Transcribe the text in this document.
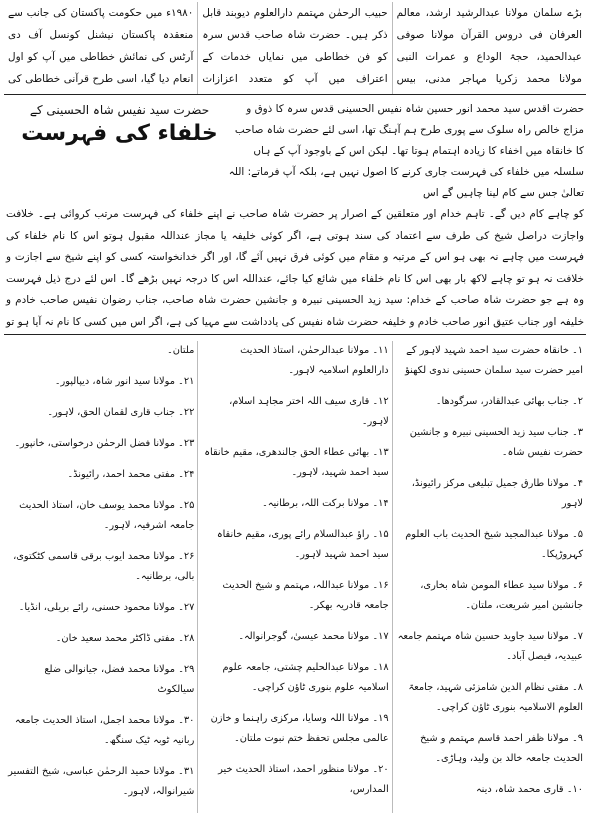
بڑے سلمان مولانا عبدالرشید ارشد، معالم العرفان فی دروس القرآن مولانا صوفی عبدالحمید، حجۃ الوداع و عمرات النبی مولانا محمد زکریا مہاجر مدنی، بیس
حبیب الرحمٰن مہتمم دارالعلوم دیوبند قابل ذکر ہیں۔ حضرت شاہ صاحب قدس سرہ کو فن خطاطی میں نمایاں خدمات کے اعتراف میں آپ کو متعدد اعزازات
۱۹۸۰ء میں حکومت پاکستان کی جانب سے منعقدہ پاکستان نیشنل کونسل آف دی آرٹس کی نمائش خطاطی میں آپ کو اول انعام دیا گیا، اسی طرح قرآنی خطاطی کی
حضرت سید نفیس شاہ الحسینی کے
خلفاء کی فہرست
حضرت اقدس سید محمد انور حسین شاہ نفیس الحسینی قدس سرہ کا ذوق و مزاج خالص راہ سلوک سے پوری طرح ہم آہنگ تھا، اسی لئے حضرت شاہ صاحب کا خانقاہ میں اخفاء کا زیادہ اہتمام ہوتا تھا۔ لیکن اس کے باوجود آپ کے ہاں سلسلہ میں خلفاء کی فہرست جاری کرنے کا اصول نہیں ہے، بلکہ آپ فرماتے: اللہ تعالیٰ جس سے کام لینا چاہیں گے اس
کو چاہے کام دیں گے۔ تاہم خدام اور متعلقین کے اصرار پر حضرت شاہ صاحب نے اپنے خلفاء کی فہرست مرتب کروائی ہے۔ خلافت واجازت دراصل شیخ کی طرف سے اعتماد کی سند ہوتی ہے، اگر کوئی خلیفہ یا مجاز عنداللہ مقبول ہوتو اس کا نام خلفاء کی فہرست میں چاہے نہ بھی ہو اس کے مرتبہ و مقام میں کوئی فرق نہیں آئے گا، اور اگر خدانخواستہ کسی کو اپنے شیخ سے اجازت و خلافت نہ ہو تو چاہے لاکھ بار بھی اس کا نام خلفاء میں شائع کیا جائے، عنداللہ اس کا درجہ نہیں بڑھے گا۔ اس لئے درج ذیل فہرست وہ ہے جو حضرت شاہ صاحب کے خدام: سید زید الحسینی نبیرہ و جانشین حضرت شاہ صاحب، جناب رضوان نفیس صاحب خادم و خلیفہ اور جناب عتیق انور صاحب خادم و خلیفہ حضرت شاہ نفیس کی یادداشت سے مہیا کی ہے، اگر اس میں کسی کا نام نہ آیا ہو تو
۱۔ خانقاہ حضرت سید احمد شہید لاہور کے امیر حضرت سید سلمان حسینی ندوی لکھنؤ
۲۔ جناب بھائی عبدالقادر، سرگودھا۔
۳۔ جناب سید زید الحسینی نبیرہ و جانشین حضرت نفیس شاہ۔
۴۔ مولانا طارق جمیل تبلیغی مرکز رائیونڈ، لاہور
۵۔ مولانا عبدالمجید شیخ الحدیث باب العلوم کہروڑپکا۔
۶۔ مولانا سید عطاء المومن شاہ بخاری، جانشین امیر شریعت، ملتان۔
۷۔ مولانا سید جاوید حسین شاہ مہتمم جامعہ عبیدیہ، فیصل آباد۔
۸۔ مفتی نظام الدین شامزئی شہید، جامعۃ العلوم الاسلامیہ بنوری ٹاؤن کراچی۔
۹۔ مولانا ظفر احمد قاسم مہتمم و شیخ الحدیث جامعہ خالد بن ولید، وہاڑی۔
۱۰۔ قاری محمد شاہ، دینہ
۱۱۔ مولانا عبدالرحمٰن، استاذ الحدیث دارالعلوم اسلامیہ لاہور۔
۱۲۔ قاری سیف اللہ اختر مجاہد اسلام، لاہور۔
۱۳۔ بھائی عطاء الحق جالندھری، مقیم خانقاہ سید احمد شہید، لاہور۔
۱۴۔ مولانا برکت اللہ، برطانیہ۔
۱۵۔ راؤ عبدالسلام رائے پوری، مقیم خانقاہ سید احمد شہید لاہور۔
۱۶۔ مولانا عبداللہ، مہتمم و شیخ الحدیث جامعہ قادریہ بھکر۔
۱۷۔ مولانا محمد عیسیٰ، گوجرانوالہ۔
۱۸۔ مولانا عبدالحلیم چشتی، جامعہ علوم اسلامیہ علوم بنوری ٹاؤن کراچی۔
۱۹۔ مولانا اللہ وسایا، مرکزی راہنما و خازن عالمی مجلس تحفظ ختم نبوت ملتان۔
۲۰۔ مولانا منظور احمد، استاذ الحدیث خیر المدارس،
ملتان۔
۲۱۔ مولانا سید انور شاہ، دیپالپور۔
۲۲۔ جناب قاری لقمان الحق، لاہور۔
۲۳۔ مولانا فضل الرحمٰن درخواستی، خانپور۔
۲۴۔ مفتی محمد احمد، رائیونڈ۔
۲۵۔ مولانا محمد یوسف خان، استاذ الحدیث جامعہ اشرفیہ، لاہور۔
۲۶۔ مولانا محمد ایوب برقی قاسمی کٹکتوی، بالی، برطانیہ۔
۲۷۔ مولانا محمود حسنی، رائے بریلی، انڈیا۔
۲۸۔ مفتی ڈاکٹر محمد سعید خان۔
۲۹۔ مولانا محمد فضل، جیانوالی ضلع سیالکوٹ
۳۰۔ مولانا محمد اجمل، استاذ الحدیث جامعہ ربانیہ ٹوبہ ٹیک سنگھ۔
۳۱۔ مولانا حمید الرحمٰن عباسی، شیخ التفسیر شیرانوالہ، لاہور۔
